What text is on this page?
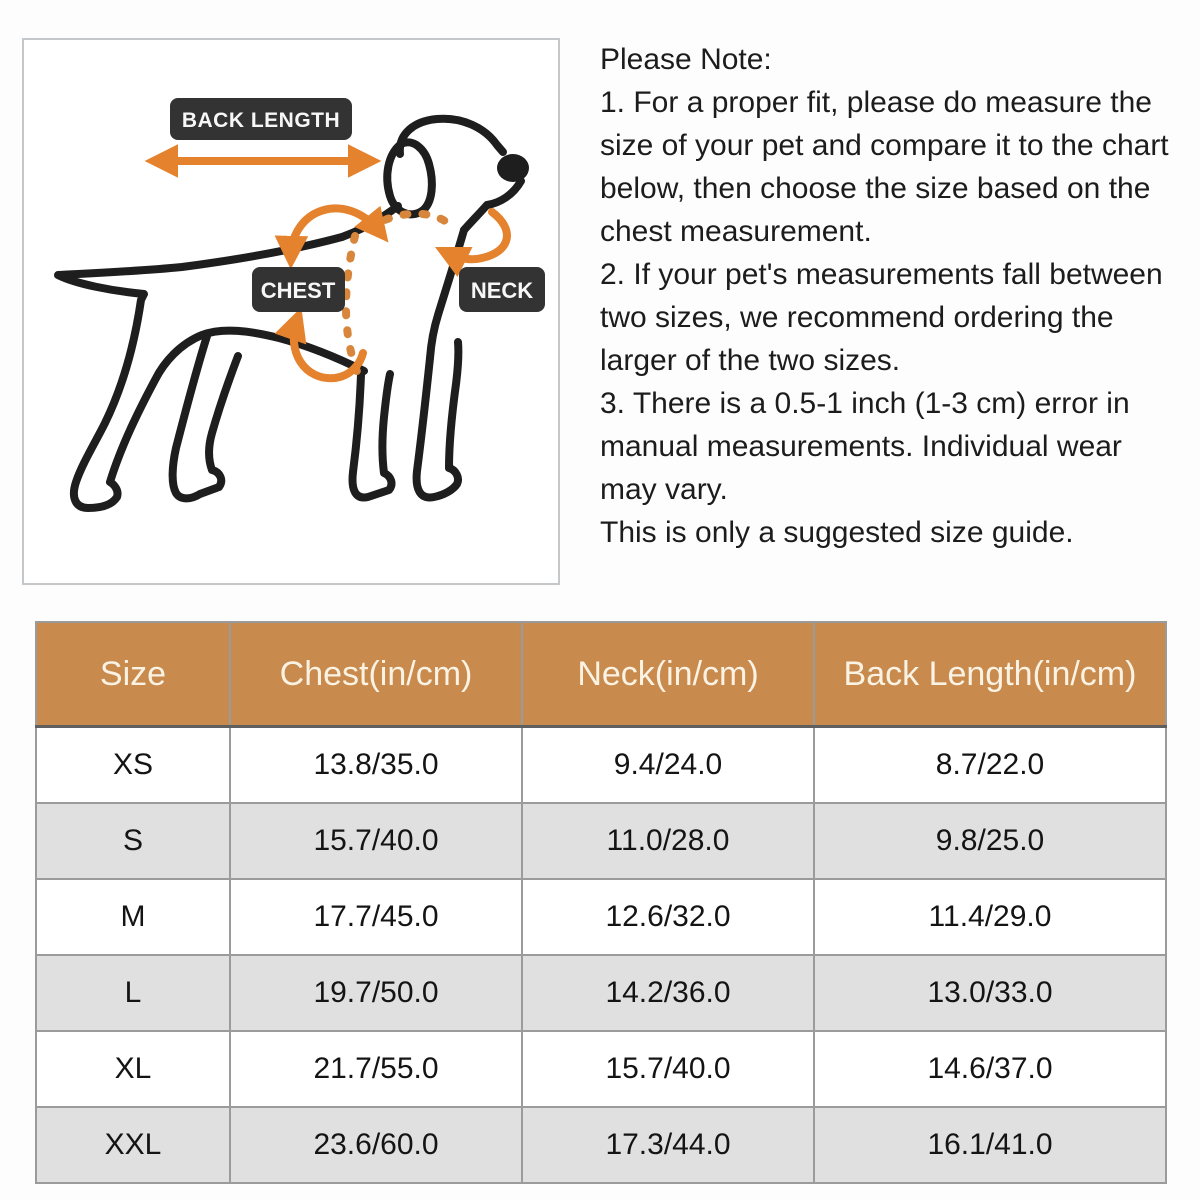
BACK LENGTH
CHEST	NECK

Please Note:

1. For a proper fit, please do measure the size of your pet and compare it to the chart below, then choose the size based on the chest measurement.

2. If your pet's measurements fall between two sizes, we recommend ordering the larger of the two sizes.

3. There is a 0.5-1 inch (1-3 cm) error in manual measurements. Individual wear may vary.

This is only a suggested size guide.

Size	Chest(in/cm)	Neck(in/cm)	Back Length(in/cm)
XS	13.8/35.0	9.4/24.0	8.7/22.0
S	15.7/40.0	11.0/28.0	9.8/25.0
M	17.7/45.0	12.6/32.0	11.4/29.0
L	19.7/50.0	14.2/36.0	13.0/33.0
XL	21.7/55.0	15.7/40.0	14.6/37.0
XXL	23.6/60.0	17.3/44.0	16.1/41.0
